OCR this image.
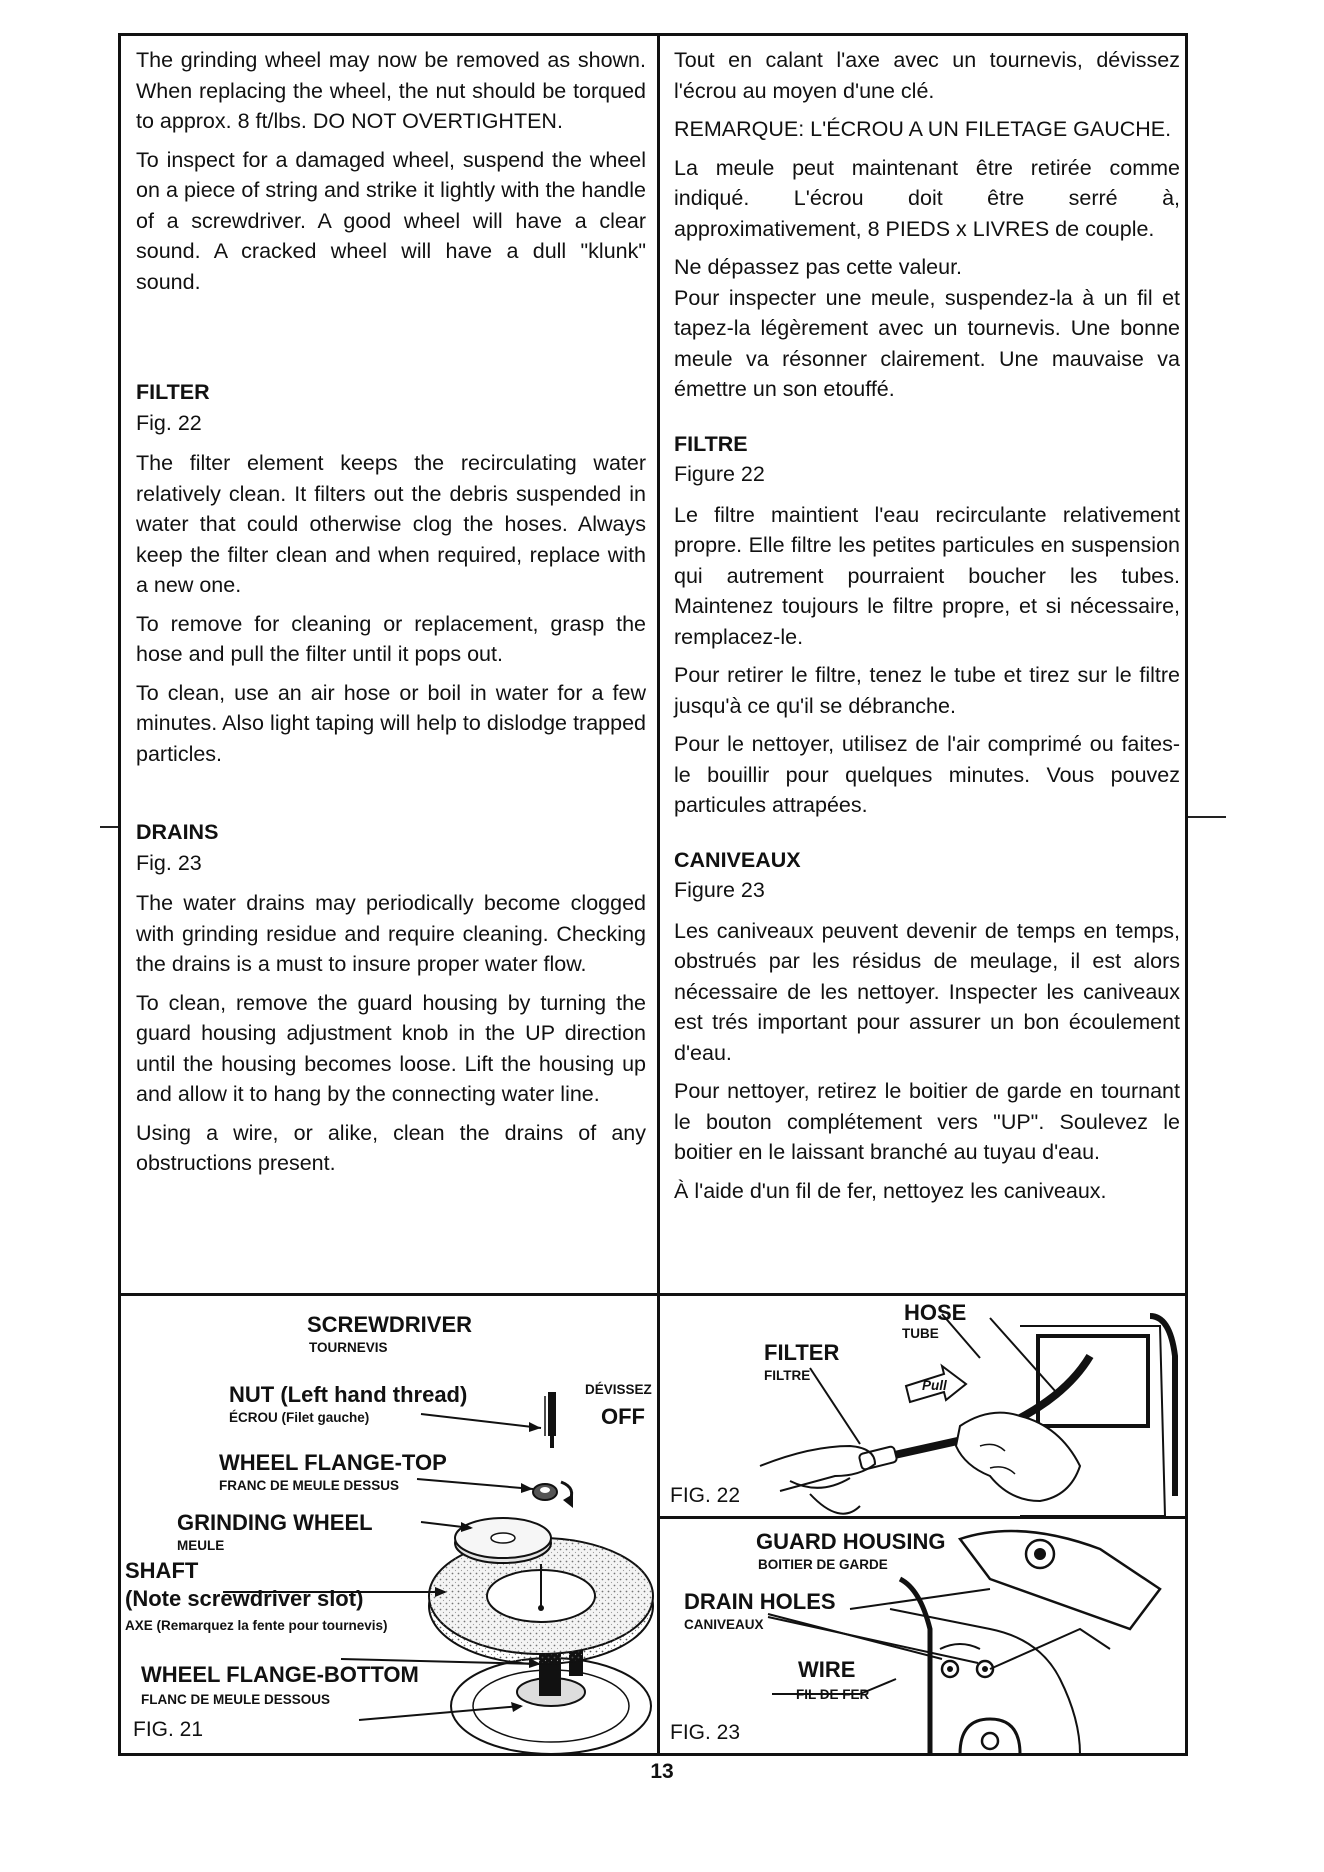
The grinding wheel may now be removed as shown. When replacing the wheel, the nut should be torqued to approx. 8 ft/lbs. DO NOT OVERTIGHTEN.

To inspect for a damaged wheel, suspend the wheel on a piece of string and strike it lightly with the handle of a screwdriver. A good wheel will have a clear sound. A cracked wheel will have a dull "klunk" sound.

FILTER

Fig. 22

The filter element keeps the recirculating water relatively clean. It filters out the debris suspended in water that could otherwise clog the hoses. Always keep the filter clean and when required, replace with a new one.

To remove for cleaning or replacement, grasp the hose and pull the filter until it pops out.

To clean, use an air hose or boil in water for a few minutes. Also light taping will help to dislodge trapped particles.

DRAINS

Fig. 23

The water drains may periodically become clogged with grinding residue and require cleaning. Checking the drains is a must to insure proper water flow.

To clean, remove the guard housing by turning the guard housing adjustment knob in the UP direction until the housing becomes loose. Lift the housing up and allow it to hang by the connecting water line.

Using a wire, or alike, clean the drains of any obstructions present.

Tout en calant l'axe avec un tournevis, dévissez l'écrou au moyen d'une clé.

REMARQUE: L'ÉCROU A UN FILETAGE GAUCHE.

La meule peut maintenant être retirée comme indiqué. L'écrou doit être serré à, approximativement, 8 PIEDS x LIVRES de couple.

Ne dépassez pas cette valeur.

Pour inspecter une meule, suspendez-la à un fil et tapez-la légèrement avec un tournevis. Une bonne meule va résonner clairement. Une mauvaise va émettre un son etouffé.

FILTRE

Figure 22

Le filtre maintient l'eau recirculante relativement propre. Elle filtre les petites particules en suspension qui autrement pourraient boucher les tubes. Maintenez toujours le filtre propre, et si nécessaire, remplacez-le.

Pour retirer le filtre, tenez le tube et tirez sur le filtre jusqu'à ce qu'il se débranche.

Pour le nettoyer, utilisez de l'air comprimé ou faites-le bouillir pour quelques minutes. Vous pouvez particules attrapées.

CANIVEAUX

Figure 23

Les caniveaux peuvent devenir de temps en temps, obstrués par les résidus de meulage, il est alors nécessaire de les nettoyer. Inspecter les caniveaux est trés important pour assurer un bon écoulement d'eau.

Pour nettoyer, retirez le boitier de garde en tournant le bouton complétement vers "UP". Soulevez le boitier en le laissant branché au tuyau d'eau.

À l'aide d'un fil de fer, nettoyez les caniveaux.

SCREWDRIVER
TOURNEVIS
NUT (Left hand thread)
ÉCROU (Filet gauche)
DÉVISSEZ
OFF
WHEEL FLANGE-TOP
FRANC DE MEULE DESSUS
GRINDING WHEEL
MEULE
SHAFT
(Note screwdriver slot)
AXE (Remarquez la fente pour tournevis)
WHEEL FLANGE-BOTTOM
FLANC DE MEULE DESSOUS
FIG. 21
HOSE
TUBE
FILTER
FILTRE
Pull
FIG. 22
GUARD HOUSING
BOITIER DE GARDE
DRAIN HOLES
CANIVEAUX
WIRE
FIL DE FER
FIG. 23
13
